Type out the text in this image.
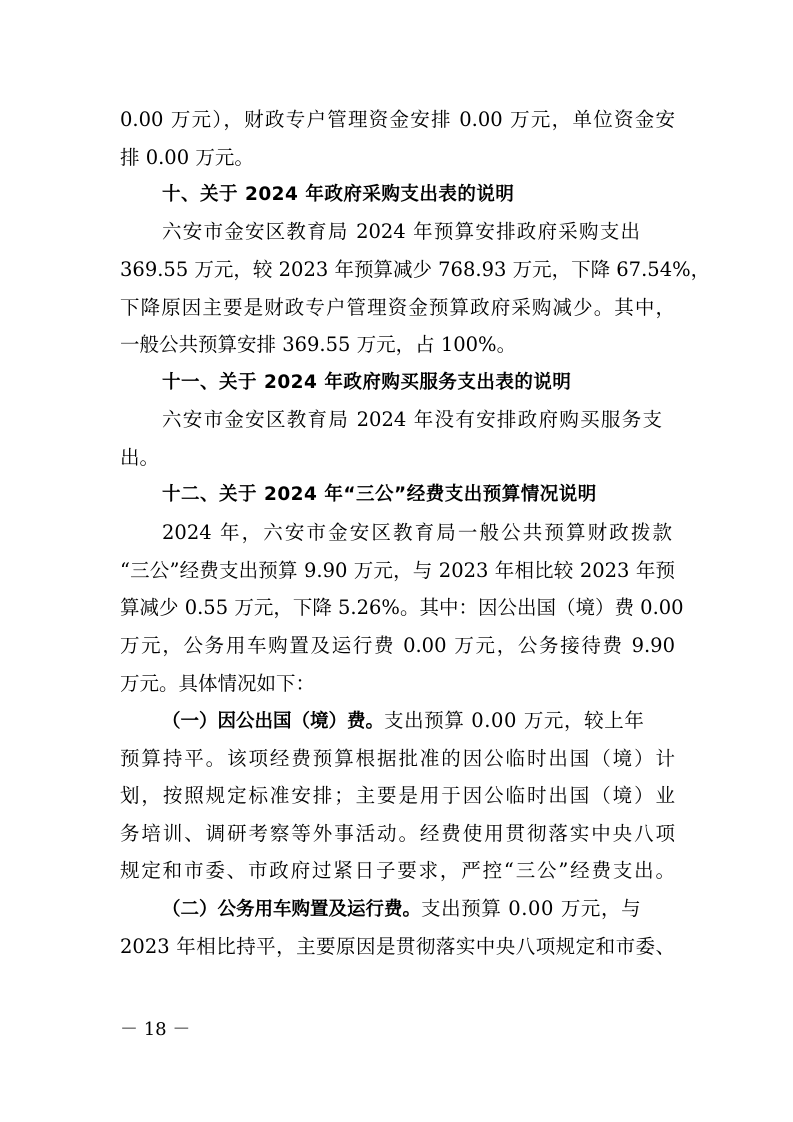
0.00 万元），财政专户管理资金安排 0.00 万元，单位资金安
排 0.00 万元。
十、关于 2024 年政府采购支出表的说明
六安市金安区教育局 2024 年预算安排政府采购支出
369.55 万元，较 2023 年预算减少 768.93 万元，下降 67.54%，
下降原因主要是财政专户管理资金预算政府采购减少。其中，
一般公共预算安排 369.55 万元，占 100%。
十一、关于 2024 年政府购买服务支出表的说明
六安市金安区教育局 2024 年没有安排政府购买服务支
出。
十二、关于 2024 年“三公”经费支出预算情况说明
2024 年，六安市金安区教育局一般公共预算财政拨款
“三公”经费支出预算 9.90 万元，与 2023 年相比较 2023 年预
算减少 0.55 万元，下降 5.26%。其中：因公出国（境）费 0.00
万元，公务用车购置及运行费 0.00 万元，公务接待费 9.90
万元。具体情况如下：
（一）因公出国（境）费。支出预算 0.00 万元，较上年
预算持平。该项经费预算根据批准的因公临时出国（境）计
划，按照规定标准安排；主要是用于因公临时出国（境）业
务培训、调研考察等外事活动。经费使用贯彻落实中央八项
规定和市委、市政府过紧日子要求，严控“三公”经费支出。
（二）公务用车购置及运行费。支出预算 0.00 万元，与
2023 年相比持平，主要原因是贯彻落实中央八项规定和市委、
－ 18 －
